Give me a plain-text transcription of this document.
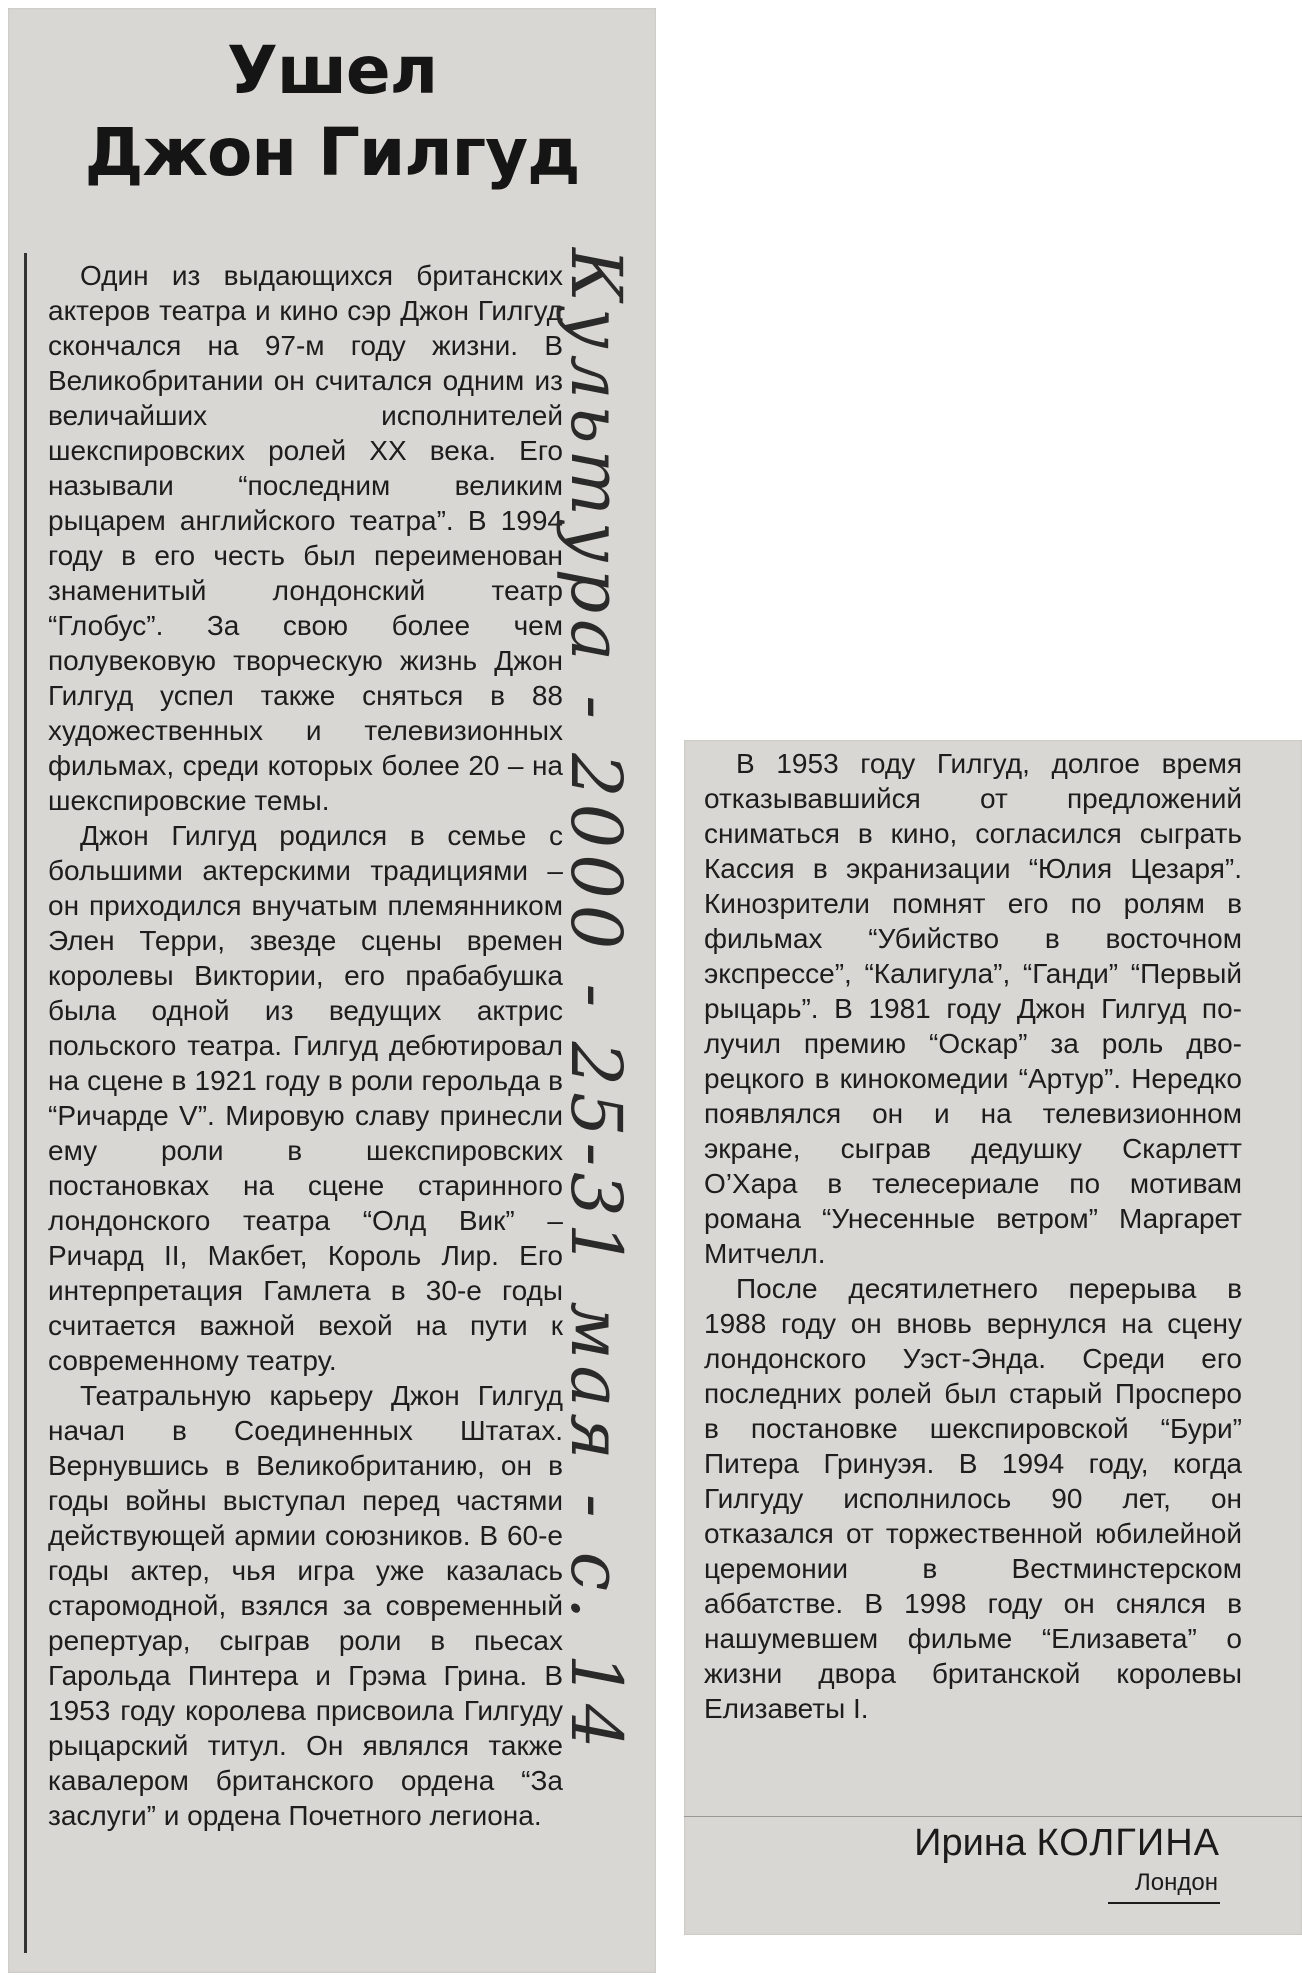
Ушел
Джон Гилгуд

Один из выдающихся британских актеров театра и кино сэр Джон Гилгуд скончался на 97-м году жизни. В Великобритании он считался одним из величайших исполнителей шекспировских ролей XX века. Его называли “последним великим рыцарем английского театра”. В 1994 году в его честь был переименован знаменитый лондонский театр “Глобус”. За свою более чем полувековую творческую жизнь Джон Гилгуд успел также сняться в 88 художественных и телевизионных фильмах, среди которых более 20 – на шекспировские темы.

Джон Гилгуд родился в семье с большими актерскими традициями – он приходился внучатым племянником Элен Терри, звезде сцены времен королевы Виктории, его прабабушка была одной из ведущих актрис польского театра. Гилгуд дебютировал на сцене в 1921 году в роли герольда в “Ричарде V”. Мировую славу принесли ему роли в шекспировских постановках на сцене старинного лондонского театра “Олд Вик” – Ричард II, Макбет, Король Лир. Его интерпретация Гамлета в 30-е годы считается важной вехой на пути к современному театру.

Театральную карьеру Джон Гилгуд начал в Соединенных Штатах. Вернувшись в Великобританию, он в годы войны выступал перед частями действующей армии союзников. В 60-е годы актер, чья игра уже казалась старомодной, взялся за современный репертуар, сыграв роли в пьесах Гарольда Пинтера и Грэма Грина. В 1953 году королева присвоила Гилгуду рыцарский титул. Он являлся также кавалером британского ордена “За заслуги” и ордена Почетного легиона.

Культура - 2000 - 25-31 мая - с. 14	В 1953 году Гилгуд, долгое время отказывавшийся от предложений сниматься в кино, согласился сыграть Кассия в экранизации “Юлия Цезаря”. Кинозрители помнят его по ролям в фильмах “Убийство в восточном экспрессе”, “Калигула”, “Ганди” “Первый рыцарь”. В 1981 году Джон Гилгуд получил премию “Оскар” за роль дворецкого в кинокомедии “Артур”. Нередко появлялся он и на телевизионном экране, сыграв дедушку Скарлетт О’Хара в телесериале по мотивам романа “Унесенные ветром” Маргарет Митчелл.

После десятилетнего перерыва в 1988 году он вновь вернулся на сцену лондонского Уэст-Энда. Среди его последних ролей был старый Просперо в постановке шекспировской “Бури” Питера Гринуэя. В 1994 году, когда Гилгуду исполнилось 90 лет, он отказался от торжественной юбилейной церемонии в Вестминстерском аббатстве. В 1998 году он снялся в нашумевшем фильме “Елизавета” о жизни двора британской королевы Елизаветы I.

Ирина КОЛГИНА
Лондон
